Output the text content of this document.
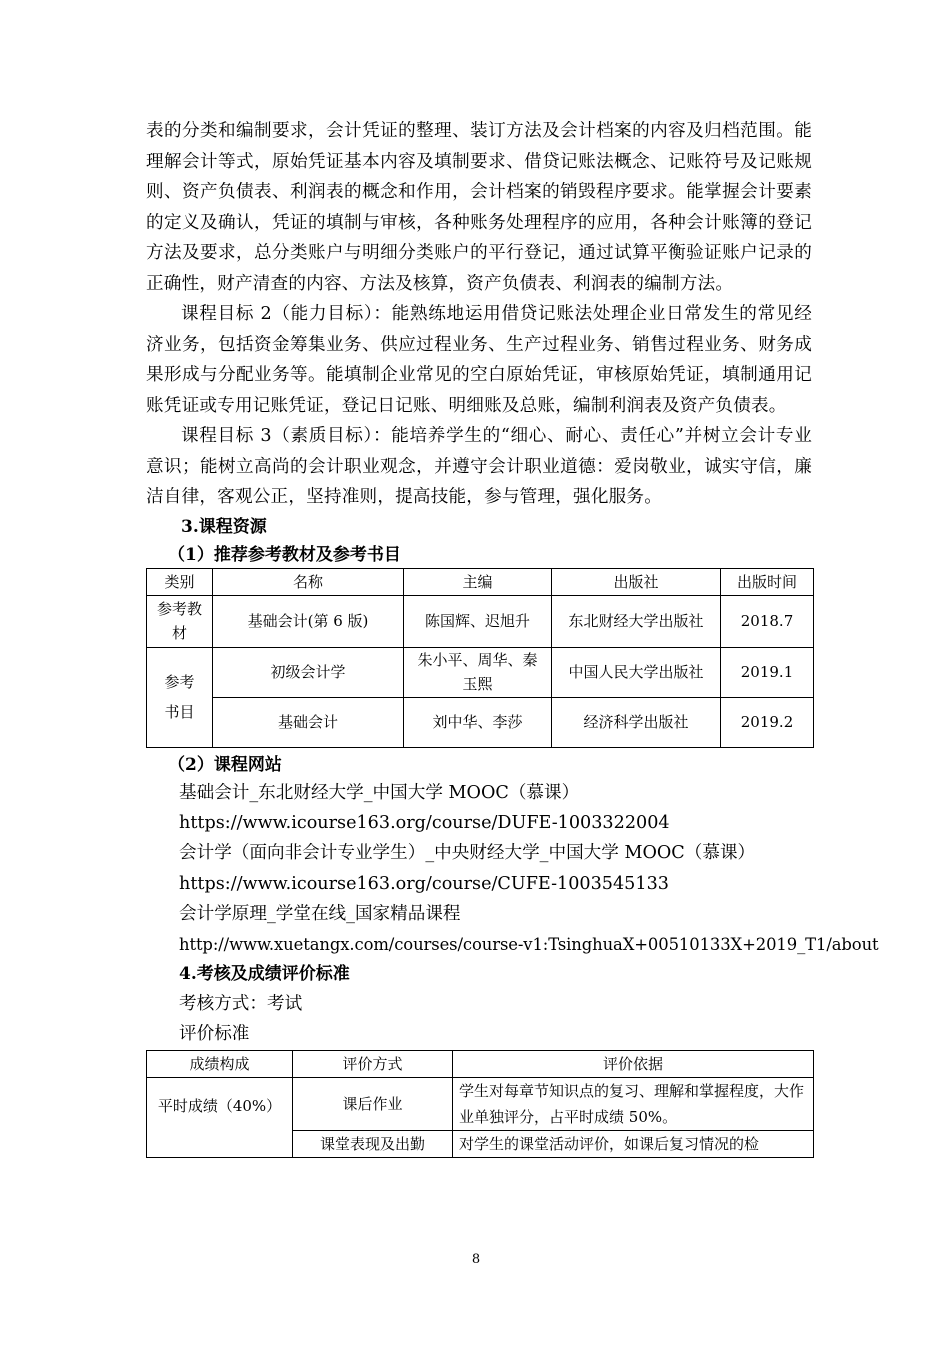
表的分类和编制要求，会计凭证的整理、装订方法及会计档案的内容及归档范围。能理解会计等式，原始凭证基本内容及填制要求、借贷记账法概念、记账符号及记账规则、资产负债表、利润表的概念和作用，会计档案的销毁程序要求。能掌握会计要素的定义及确认，凭证的填制与审核，各种账务处理程序的应用，各种会计账簿的登记方法及要求，总分类账户与明细分类账户的平行登记，通过试算平衡验证账户记录的正确性，财产清查的内容、方法及核算，资产负债表、利润表的编制方法。

课程目标 2（能力目标）：能熟练地运用借贷记账法处理企业日常发生的常见经济业务，包括资金筹集业务、供应过程业务、生产过程业务、销售过程业务、财务成果形成与分配业务等。能填制企业常见的空白原始凭证，审核原始凭证，填制通用记账凭证或专用记账凭证，登记日记账、明细账及总账，编制利润表及资产负债表。

课程目标 3（素质目标）：能培养学生的“细心、耐心、责任心”并树立会计专业意识；能树立高尚的会计职业观念，并遵守会计职业道德：爱岗敬业，诚实守信，廉洁自律，客观公正，坚持准则，提高技能，参与管理，强化服务。

3.课程资源

（1）推荐参考教材及参考书目

类别	名称	主编	出版社	出版时间
参考教材	基础会计(第 6 版)	陈国辉、迟旭升	东北财经大学出版社	2018.7
参考书目	初级会计学	朱小平、周华、秦玉熙	中国人民大学出版社	2019.1
	基础会计	刘中华、李莎	经济科学出版社	2019.2

（2）课程网站

基础会计_东北财经大学_中国大学 MOOC（慕课）

https://www.icourse163.org/course/DUFE-1003322004

会计学（面向非会计专业学生）_中央财经大学_中国大学 MOOC（慕课）

https://www.icourse163.org/course/CUFE-1003545133

会计学原理_学堂在线_国家精品课程

http://www.xuetangx.com/courses/course-v1:TsinghuaX+00510133X+2019_T1/about

4.考核及成绩评价标准

考核方式：考试

评价标准

成绩构成	评价方式	评价依据
平时成绩（40%）	课后作业	学生对每章节知识点的复习、理解和掌握程度，大作业单独评分，占平时成绩 50%。
	课堂表现及出勤	对学生的课堂活动评价，如课后复习情况的检
8
